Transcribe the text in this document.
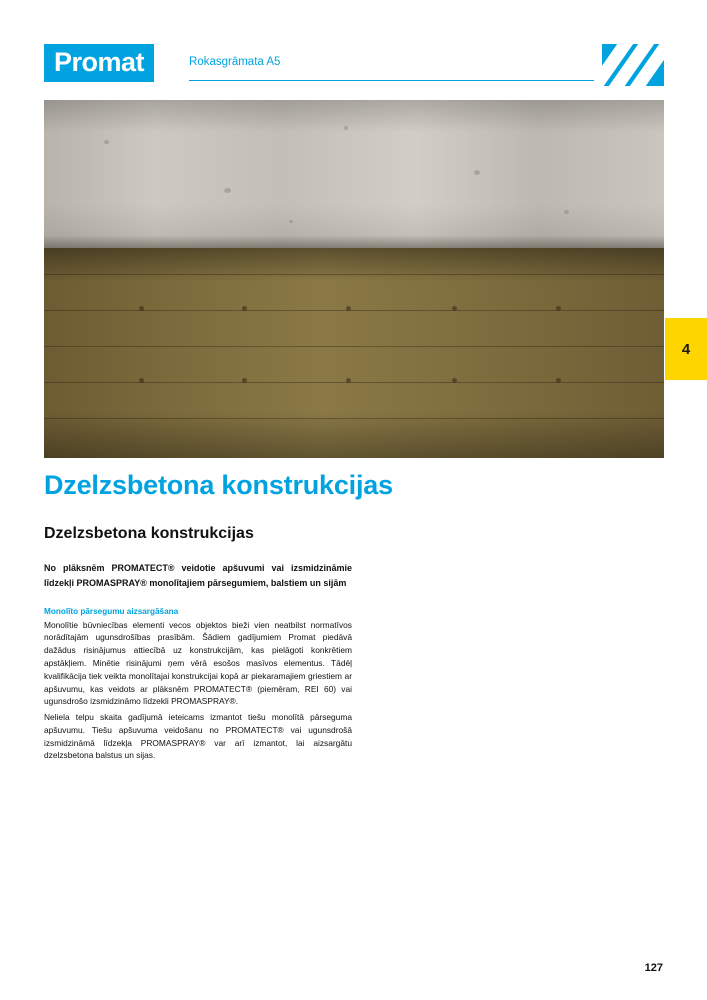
Promat	Rokasgrāmata A5
4
Dzelzsbetona konstrukcijas
Dzelzsbetona konstrukcijas

No plāksnēm PROMATECT® veidotie apšuvumi vai izsmidzināmie līdzekļi PROMASPRAY® monolītajiem pārsegumiem, balstiem un sijām

Monolīto pārsegumu aizsargāšana

Monolītie būvniecības elementi vecos objektos bieži vien neatbilst normatīvos norādītajām ugunsdrošības prasībām. Šādiem gadījumiem Promat piedāvā dažādus risinājumus attiecībā uz konstrukcijām, kas pielāgoti konkrētiem apstākļiem. Minētie risinājumi ņem vērā esošos masīvos elementus. Tādēļ kvalifikācija tiek veikta monolītajai konstrukcijai kopā ar piekaramajiem griestiem ar apšuvumu, kas veidots ar plāksnēm PROMATECT® (piemēram, REI 60) vai ugunsdrošo izsmidzināmo līdzekli PROMASPRAY®.

Neliela telpu skaita gadījumā ieteicams izmantot tiešu monolītā pārseguma apšuvumu. Tiešu apšuvuma veidošanu no PROMATECT® vai ugunsdrošā izsmidzināmā līdzekļa PROMASPRAY® var arī izmantot, lai aizsargātu dzelzsbetona balstus un sijas.

127
